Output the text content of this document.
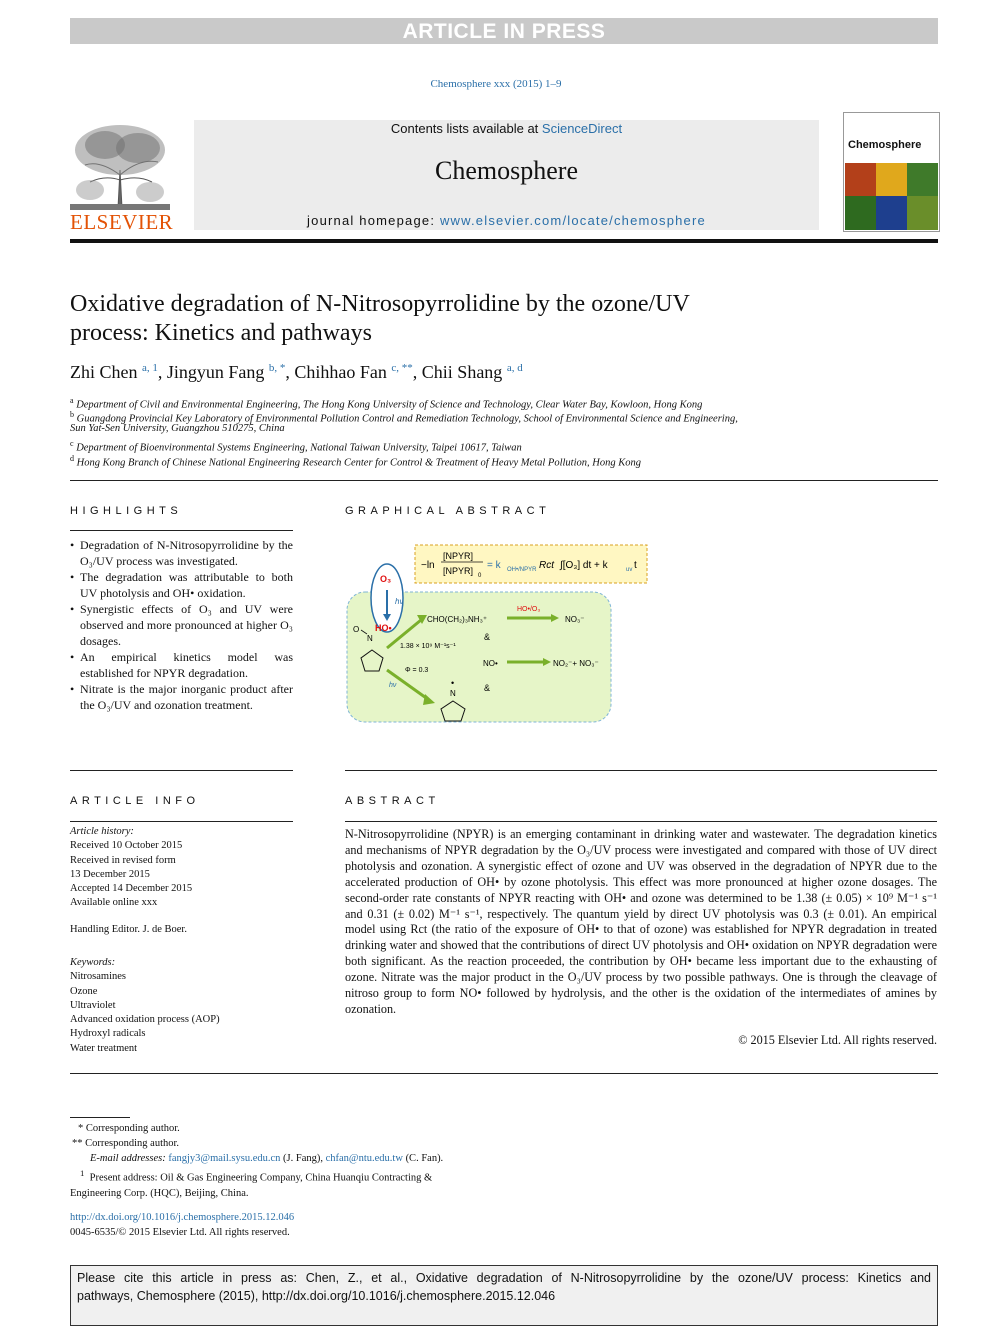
ARTICLE IN PRESS
Chemosphere xxx (2015) 1–9
Contents lists available at ScienceDirect
Chemosphere
journal homepage: www.elsevier.com/locate/chemosphere
ELSEVIER
Chemosphere
Oxidative degradation of N-Nitrosopyrrolidine by the ozone/UV
process: Kinetics and pathways
Zhi Chen $^{a, 1}$, Jingyun Fang $^{b, *}$, Chihhao Fan $^{c, **}$, Chii Shang $^{a, d}$
$^a$ Department of Civil and Environmental Engineering, The Hong Kong University of Science and Technology, Clear Water Bay, Kowloon, Hong Kong
$^b$ Guangdong Provincial Key Laboratory of Environmental Pollution Control and Remediation Technology, School of Environmental Science and Engineering,
Sun Yat-Sen University, Guangzhou 510275, China
$^c$ Department of Bioenvironmental Systems Engineering, National Taiwan University, Taipei 10617, Taiwan
$^d$ Hong Kong Branch of Chinese National Engineering Research Center for Control & Treatment of Heavy Metal Pollution, Hong Kong
HIGHLIGHTS
• Degradation of N-Nitrosopyrrolidine by the O₃/UV process was investigated.
• The degradation was attributable to both UV photolysis and OH• oxidation.
• Synergistic effects of O₃ and UV were observed and more pronounced at higher O₃ dosages.
• An empirical kinetics model was established for NPYR degradation.
• Nitrate is the major inorganic product after the O₃/UV and ozonation treatment.
GRAPHICAL ABSTRACT
−ln
[NPYR]
[NPYR] 0
= k OH•/NPYR Rct ∫[O₃] dt + k	uv t
O₃
hν
HO•
O
N
1.38 × 10⁹ M⁻¹s⁻¹
Φ = 0.3
hν
CHO(CH₂)₃NH₃⁺
HO•/O₃
NO₃⁻
&
NO•	NO₂⁻+ NO₃⁻
&
•
N
ARTICLE INFO
Article history:
Received 10 October 2015
Received in revised form
13 December 2015
Accepted 14 December 2015
Available online xxx
Handling Editor. J. de Boer.
Keywords:
Nitrosamines
Ozone
Ultraviolet
Advanced oxidation process (AOP)
Hydroxyl radicals
Water treatment
ABSTRACT
N-Nitrosopyrrolidine (NPYR) is an emerging contaminant in drinking water and wastewater. The degradation kinetics and mechanisms of NPYR degradation by the O₃/UV process were investigated and compared with those of UV direct photolysis and ozonation. A synergistic effect of ozone and UV was observed in the degradation of NPYR due to the accelerated production of OH• by ozone photolysis. This effect was more pronounced at higher ozone dosages. The second-order rate constants of NPYR reacting with OH• and ozone was determined to be 1.38 (± 0.05) × 10⁹ M⁻¹ s⁻¹ and 0.31 (± 0.02) M⁻¹ s⁻¹, respectively. The quantum yield by direct UV photolysis was 0.3 (± 0.01). An empirical model using Rct (the ratio of the exposure of OH• to that of ozone) was established for NPYR degradation in treated drinking water and showed that the contributions of direct UV photolysis and OH• oxidation on NPYR degradation were both significant. As the reaction proceeded, the contribution by OH• became less important due to the exhausting of ozone. Nitrate was the major product in the O₃/UV process by two possible pathways. One is through the cleavage of nitroso group to form NO• followed by hydrolysis, and the other is the oxidation of the intermediates of amines by ozonation.
© 2015 Elsevier Ltd. All rights reserved.
* Corresponding author.
** Corresponding author.
E-mail addresses: fangjy3@mail.sysu.edu.cn (J. Fang), chfan@ntu.edu.tw (C. Fan).
$^1$ Present address: Oil & Gas Engineering Company, China Huanqiu Contracting &
Engineering Corp. (HQC), Beijing, China.
http://dx.doi.org/10.1016/j.chemosphere.2015.12.046
0045-6535/© 2015 Elsevier Ltd. All rights reserved.
Please cite this article in press as: Chen, Z., et al., Oxidative degradation of N-Nitrosopyrrolidine by the ozone/UV process: Kinetics and
pathways, Chemosphere (2015), http://dx.doi.org/10.1016/j.chemosphere.2015.12.046
